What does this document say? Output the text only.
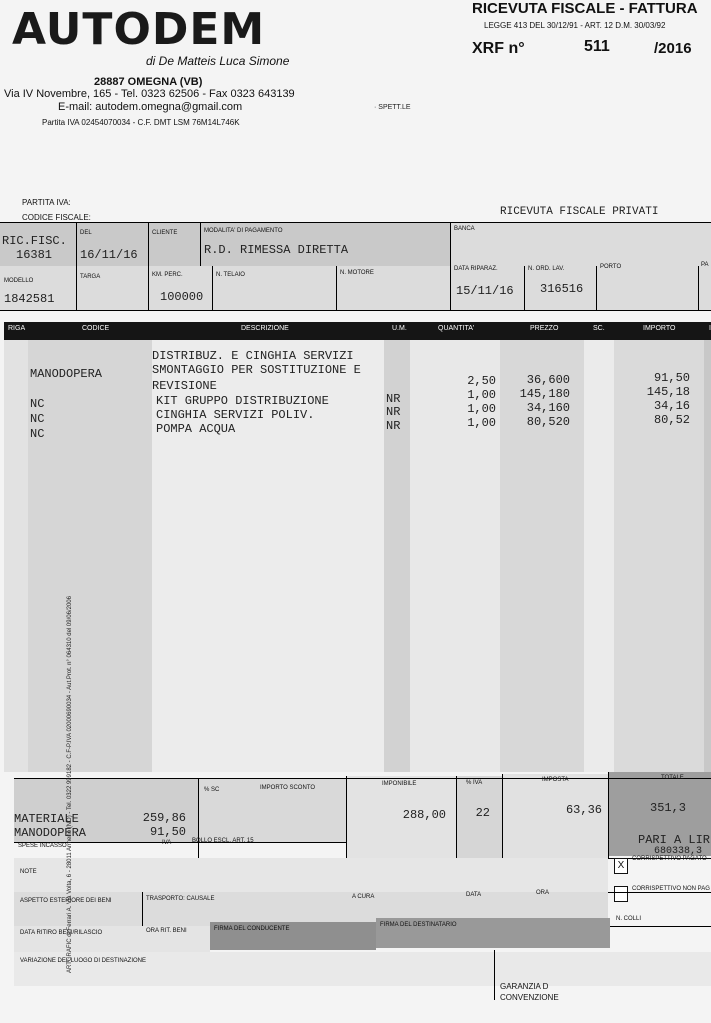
AUTODEM
di De Matteis Luca Simone
28887 OMEGNA (VB)
Via IV Novembre, 165 - Tel. 0323 62506 - Fax 0323 643139
E-mail: autodem.omegna@gmail.com
Partita IVA 02454070034 - C.F. DMT LSM 76M14L746K
· SPETT.LE
RICEVUTA FISCALE - FATTURA
LEGGE 413 DEL 30/12/91 - ART. 12 D.M. 30/03/92
XRF n°	511	/2016
PARTITA IVA:
CODICE FISCALE:	RICEVUTA FISCALE PRIVATI
RIC.FISC.
16381
DEL
16/11/16
CLIENTE	MODALITA' DI PAGAMENTO
R.D. RIMESSA DIRETTA
BANCA
MODELLO
1842581
TARGA	KM. PERC.
100000
N. TELAIO	N. MOTORE
DATA RIPARAZ.
15/11/16
N. ORD. LAV.
316516
PORTO	PA
RIGA	CODICE	DESCRIZIONE	U.M.	QUANTITA'	PREZZO	SC.	IMPORTO	I
DISTRIBUZ. E CINGHIA SERVIZI
MANODOPERA	SMONTAGGIO PER SOSTITUZIONE E
REVISIONE	2,50	36,600	91,50
NC	KIT GRUPPO DISTRIBUZIONE	NR	1,00	145,180	145,18
NC	CINGHIA SERVIZI POLIV.	NR	1,00	34,160	34,16
NC	POMPA ACQUA	NR	1,00	80,520	80,52
MATERIALE	259,86
MANODOPERA	91,50
SPESE INCASSO	IVA
% SC	IMPORTO SCONTO
BOLLO ESCL. ART. 15
IMPONIBILE
288,00
% IVA
22
IMPOSTA
63,36
TOTALE
351,3
PARI A LIR
680338,3
X
CORRISPETTIVO PAGATO
CORRISPETTIVO NON PAG
NOTE
ASPETTO ESTERIORE DEI BENI	TRASPORTO: CAUSALE	A CURA	DATA	ORA
N. COLLI
DATA RITIRO BENI/RILASCIO	ORA RIT. BENI	FIRMA DEL CONDUCENTE
FIRMA DEL DESTINATARIO
VARIAZIONE DEL LUOGO DI DESTINAZIONE
GARANZIA D
CONVENZIONE
ARTGRAFIC di Ferrari A. Via Volta, 6 - 28011 Armeno (NO) - Tel. 0322 999182 - C.F-P.IVA 02000690034 - Aut.Prot. n° 064310 del 09/06/2006
